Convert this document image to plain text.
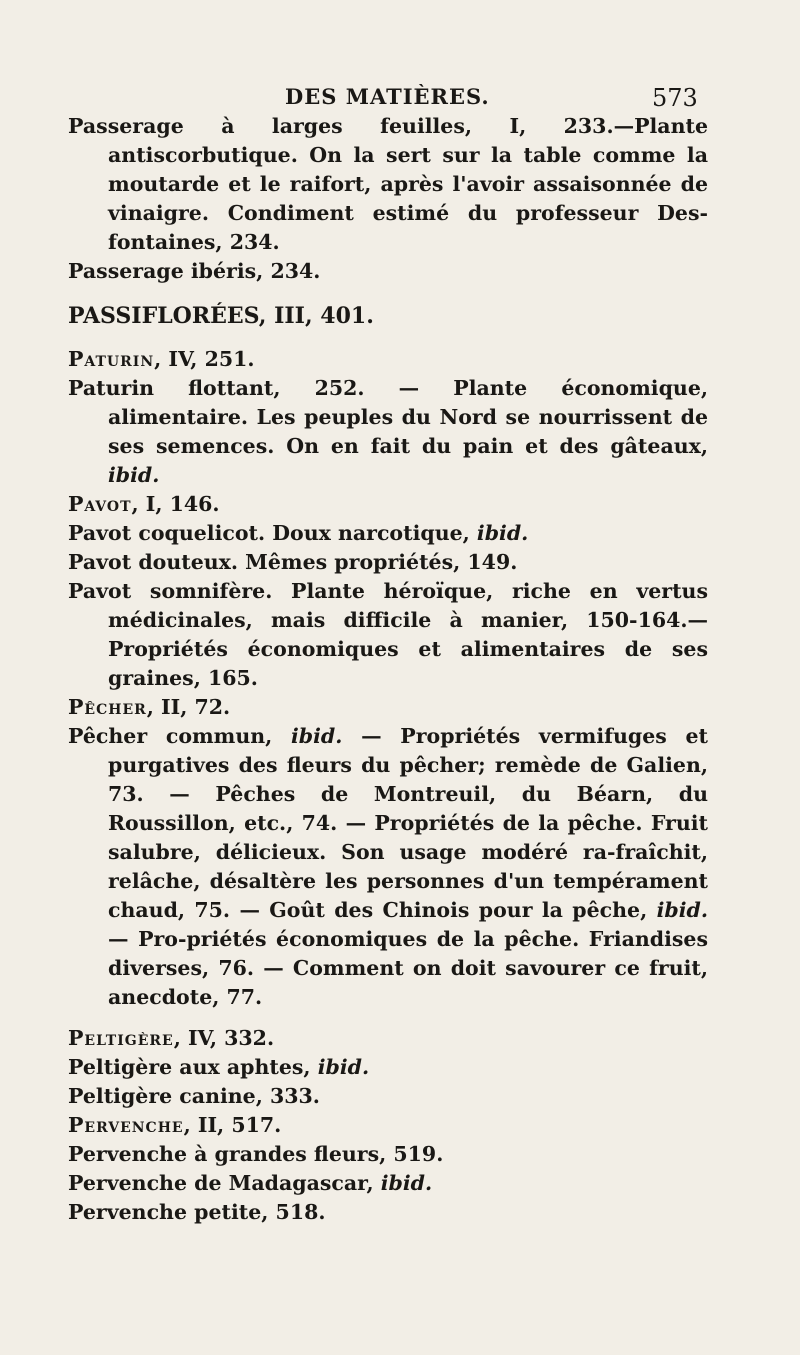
DES MATIÈRES.	573

Passerage à larges feuilles, I, 233.—Plante antiscorbutique. On la sert sur la table comme la moutarde et le raifort, après l'avoir assaisonnée de vinaigre. Condiment estimé du professeur Des-fontaines, 234.

Passerage ibéris, 234.

PASSIFLORÉES, III, 401.

Paturin, IV, 251.

Paturin flottant, 252. — Plante économique, alimentaire. Les peuples du Nord se nourrissent de ses semences. On en fait du pain et des gâteaux, ibid.

Pavot, I, 146.

Pavot coquelicot. Doux narcotique, ibid.

Pavot douteux. Mêmes propriétés, 149.

Pavot somnifère. Plante héroïque, riche en vertus médicinales, mais difficile à manier, 150-164.—Propriétés économiques et alimentaires de ses graines, 165.

Pêcher, II, 72.

Pêcher commun, ibid. — Propriétés vermifuges et purgatives des fleurs du pêcher; remède de Galien, 73. — Pêches de Montreuil, du Béarn, du Roussillon, etc., 74. — Propriétés de la pêche. Fruit salubre, délicieux. Son usage modéré ra-fraîchit, relâche, désaltère les personnes d'un tempérament chaud, 75. — Goût des Chinois pour la pêche, ibid. — Pro-priétés économiques de la pêche. Friandises diverses, 76. — Comment on doit savourer ce fruit, anecdote, 77.

Peltigère, IV, 332.

Peltigère aux aphtes, ibid.

Peltigère canine, 333.

Pervenche, II, 517.

Pervenche à grandes fleurs, 519.

Pervenche de Madagascar, ibid.

Pervenche petite, 518.
